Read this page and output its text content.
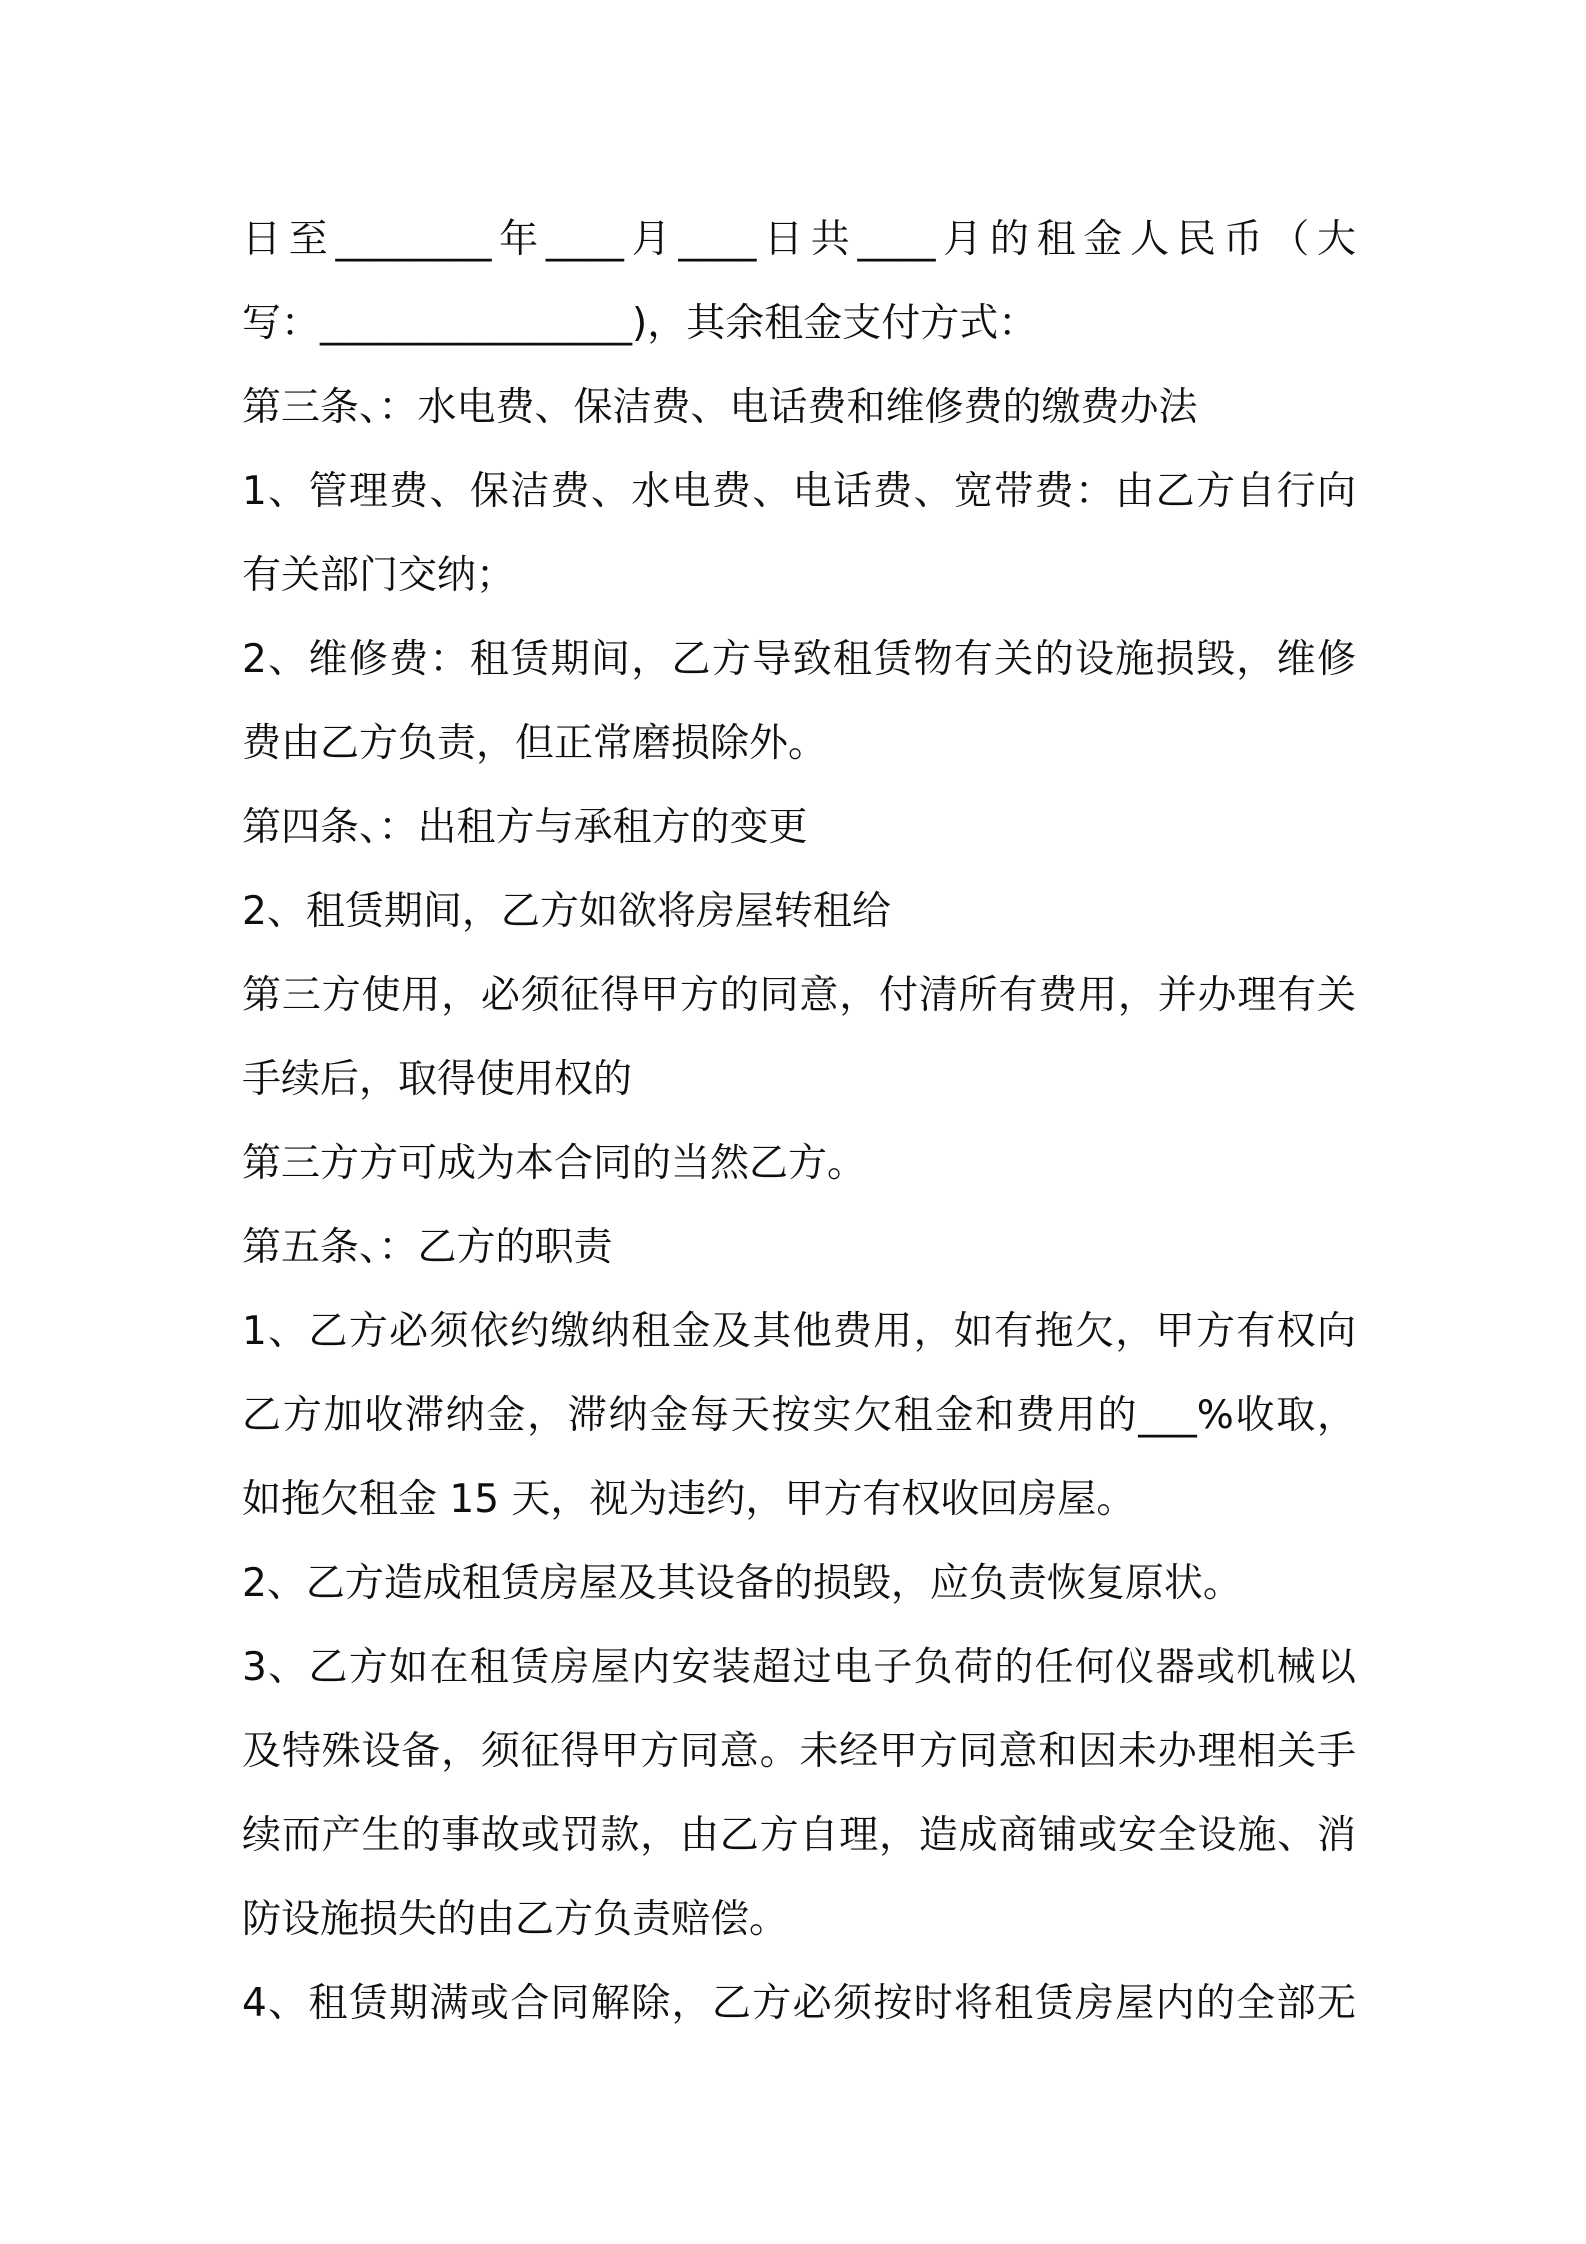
日至________年____月____日共____月的租金人民币（大
写：________________)，其余租金支付方式：
第三条、：水电费、保洁费、电话费和维修费的缴费办法
1、管理费、保洁费、水电费、电话费、宽带费：由乙方自行向
有关部门交纳；
2、维修费：租赁期间，乙方导致租赁物有关的设施损毁，维修
费由乙方负责，但正常磨损除外。
第四条、：出租方与承租方的变更
2、租赁期间，乙方如欲将房屋转租给
第三方使用，必须征得甲方的同意，付清所有费用，并办理有关
手续后，取得使用权的
第三方方可成为本合同的当然乙方。
第五条、：乙方的职责
1、乙方必须依约缴纳租金及其他费用，如有拖欠，甲方有权向
乙方加收滞纳金，滞纳金每天按实欠租金和费用的___%收取，
如拖欠租金 15 天，视为违约，甲方有权收回房屋。
2、乙方造成租赁房屋及其设备的损毁，应负责恢复原状。
3、乙方如在租赁房屋内安装超过电子负荷的任何仪器或机械以
及特殊设备，须征得甲方同意。未经甲方同意和因未办理相关手
续而产生的事故或罚款，由乙方自理，造成商铺或安全设施、消
防设施损失的由乙方负责赔偿。
4、租赁期满或合同解除，乙方必须按时将租赁房屋内的全部无
